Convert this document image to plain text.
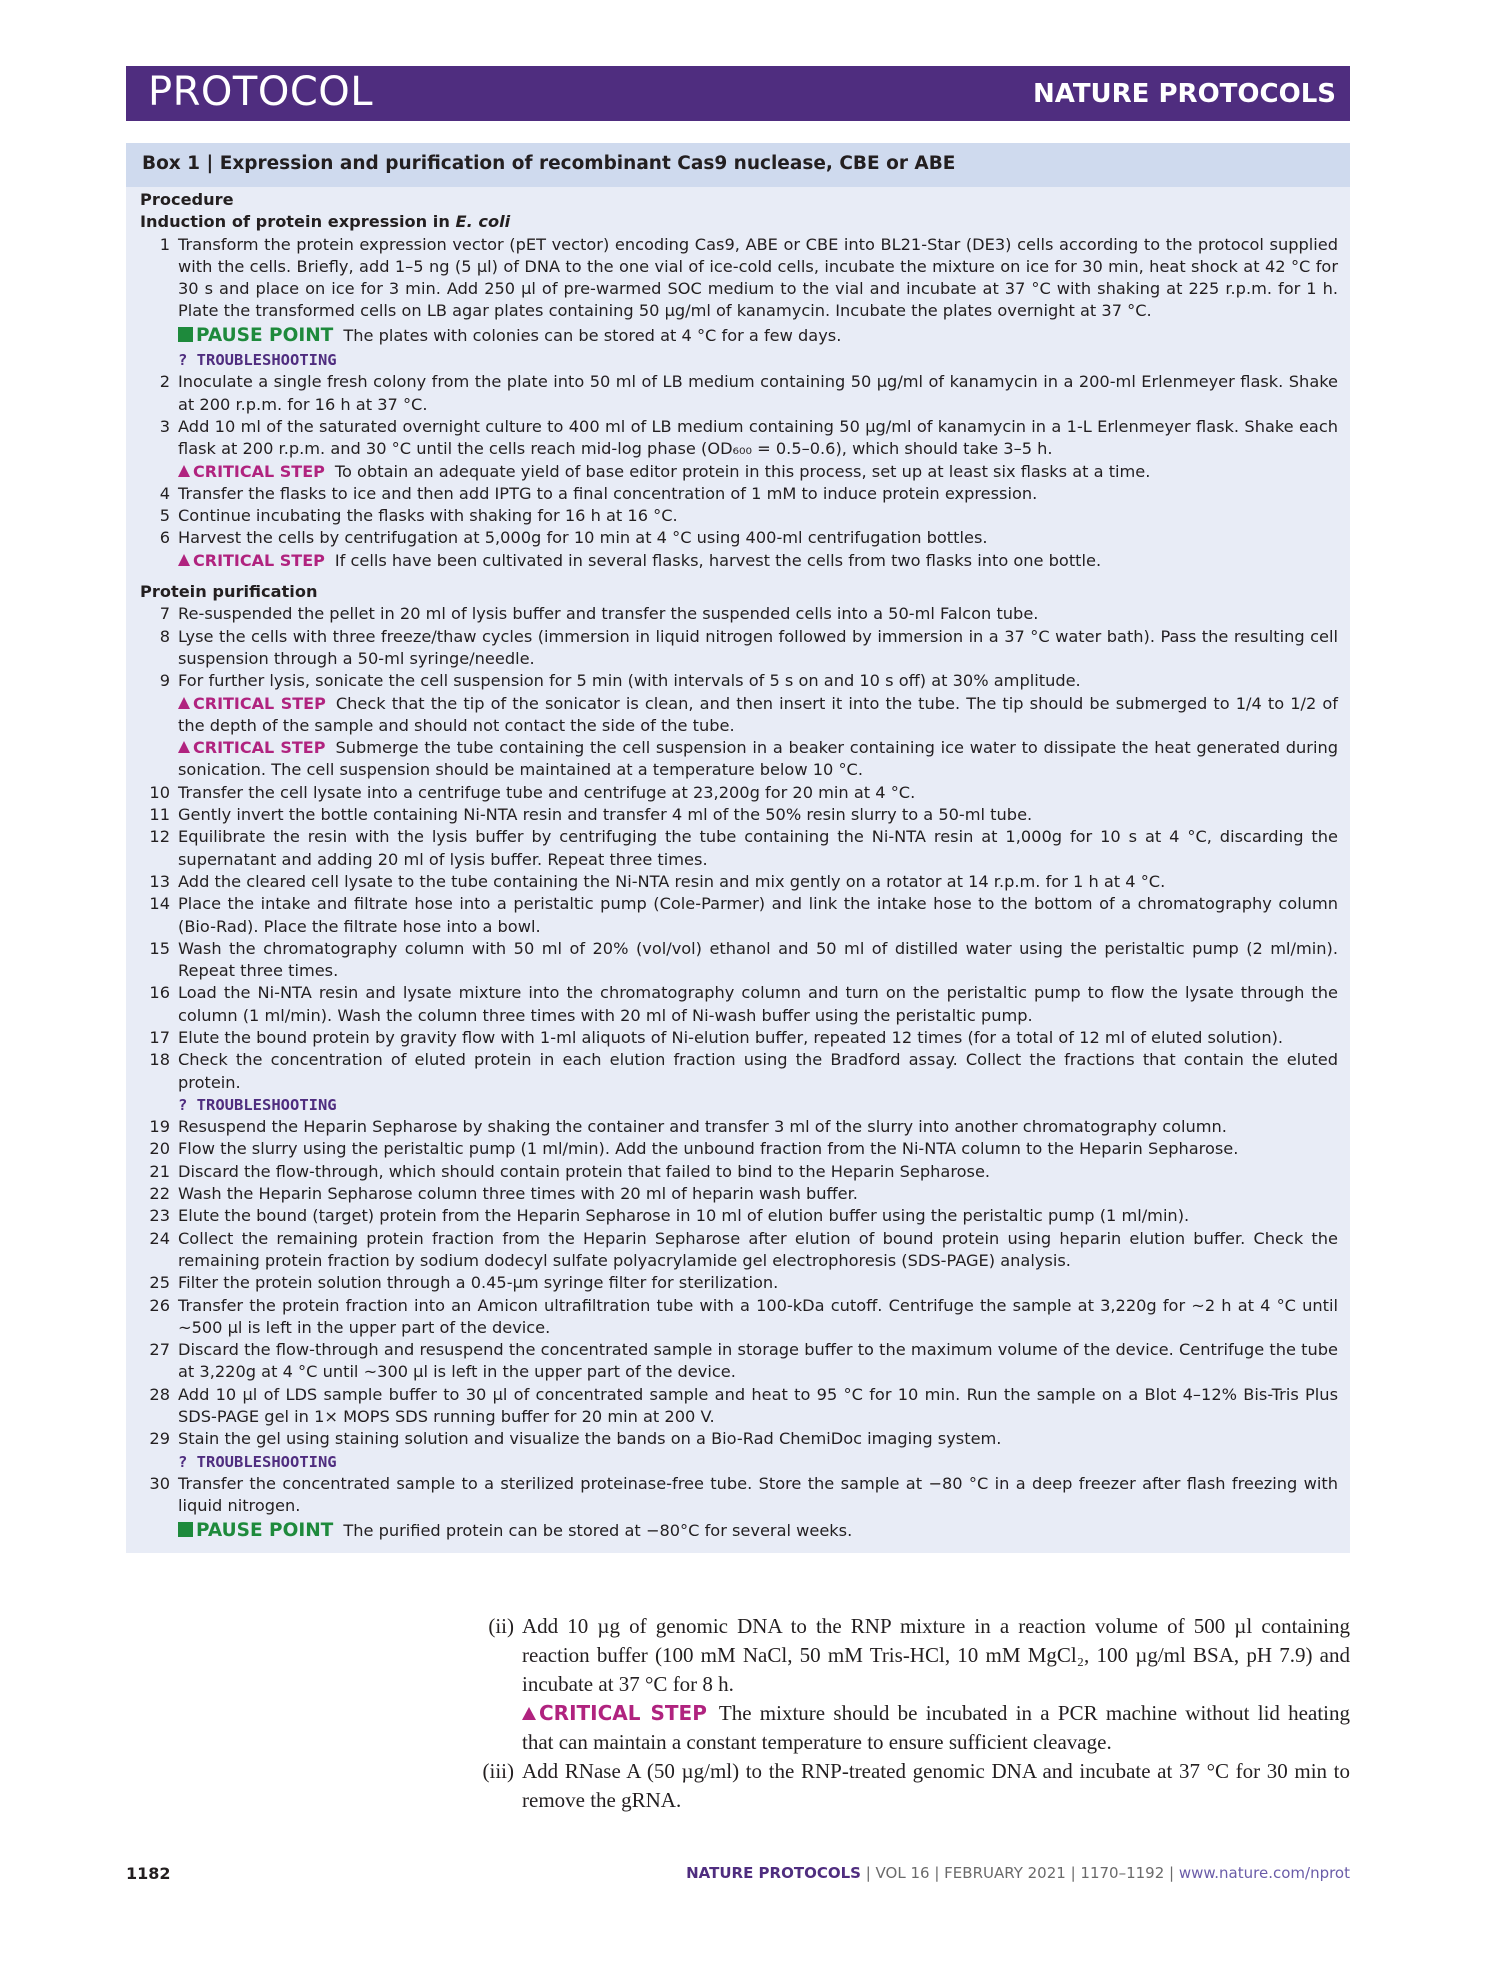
PROTOCOL	NATURE PROTOCOLS
Box 1 | Expression and purification of recombinant Cas9 nuclease, CBE or ABE
Procedure
Induction of protein expression in E. coli
1 Transform the protein expression vector (pET vector) encoding Cas9, ABE or CBE into BL21-Star (DE3) cells according to the protocol supplied with the cells. Briefly, add 1–5 ng (5 µl) of DNA to the one vial of ice-cold cells, incubate the mixture on ice for 30 min, heat shock at 42 °C for 30 s and place on ice for 3 min. Add 250 µl of pre-warmed SOC medium to the vial and incubate at 37 °C with shaking at 225 r.p.m. for 1 h. Plate the transformed cells on LB agar plates containing 50 µg/ml of kanamycin. Incubate the plates overnight at 37 °C.
PAUSE POINT The plates with colonies can be stored at 4 °C for a few days.
? TROUBLESHOOTING
2 Inoculate a single fresh colony from the plate into 50 ml of LB medium containing 50 µg/ml of kanamycin in a 200-ml Erlenmeyer flask. Shake at 200 r.p.m. for 16 h at 37 °C.
3 Add 10 ml of the saturated overnight culture to 400 ml of LB medium containing 50 µg/ml of kanamycin in a 1-L Erlenmeyer flask. Shake each flask at 200 r.p.m. and 30 °C until the cells reach mid-log phase (OD₆₀₀ = 0.5–0.6), which should take 3–5 h.
CRITICAL STEP To obtain an adequate yield of base editor protein in this process, set up at least six flasks at a time.
4 Transfer the flasks to ice and then add IPTG to a final concentration of 1 mM to induce protein expression.
5 Continue incubating the flasks with shaking for 16 h at 16 °C.
6 Harvest the cells by centrifugation at 5,000g for 10 min at 4 °C using 400-ml centrifugation bottles.
CRITICAL STEP If cells have been cultivated in several flasks, harvest the cells from two flasks into one bottle.
Protein purification
7 Re-suspended the pellet in 20 ml of lysis buffer and transfer the suspended cells into a 50-ml Falcon tube.
8 Lyse the cells with three freeze/thaw cycles (immersion in liquid nitrogen followed by immersion in a 37 °C water bath). Pass the resulting cell suspension through a 50-ml syringe/needle.
9 For further lysis, sonicate the cell suspension for 5 min (with intervals of 5 s on and 10 s off) at 30% amplitude.
CRITICAL STEP Check that the tip of the sonicator is clean, and then insert it into the tube. The tip should be submerged to 1/4 to 1/2 of the depth of the sample and should not contact the side of the tube.
CRITICAL STEP Submerge the tube containing the cell suspension in a beaker containing ice water to dissipate the heat generated during sonication. The cell suspension should be maintained at a temperature below 10 °C.
10 Transfer the cell lysate into a centrifuge tube and centrifuge at 23,200g for 20 min at 4 °C.
11 Gently invert the bottle containing Ni-NTA resin and transfer 4 ml of the 50% resin slurry to a 50-ml tube.
12 Equilibrate the resin with the lysis buffer by centrifuging the tube containing the Ni-NTA resin at 1,000g for 10 s at 4 °C, discarding the supernatant and adding 20 ml of lysis buffer. Repeat three times.
13 Add the cleared cell lysate to the tube containing the Ni-NTA resin and mix gently on a rotator at 14 r.p.m. for 1 h at 4 °C.
14 Place the intake and filtrate hose into a peristaltic pump (Cole-Parmer) and link the intake hose to the bottom of a chromatography column (Bio-Rad). Place the filtrate hose into a bowl.
15 Wash the chromatography column with 50 ml of 20% (vol/vol) ethanol and 50 ml of distilled water using the peristaltic pump (2 ml/min). Repeat three times.
16 Load the Ni-NTA resin and lysate mixture into the chromatography column and turn on the peristaltic pump to flow the lysate through the column (1 ml/min). Wash the column three times with 20 ml of Ni-wash buffer using the peristaltic pump.
17 Elute the bound protein by gravity flow with 1-ml aliquots of Ni-elution buffer, repeated 12 times (for a total of 12 ml of eluted solution).
18 Check the concentration of eluted protein in each elution fraction using the Bradford assay. Collect the fractions that contain the eluted protein.
? TROUBLESHOOTING
19 Resuspend the Heparin Sepharose by shaking the container and transfer 3 ml of the slurry into another chromatography column.
20 Flow the slurry using the peristaltic pump (1 ml/min). Add the unbound fraction from the Ni-NTA column to the Heparin Sepharose.
21 Discard the flow-through, which should contain protein that failed to bind to the Heparin Sepharose.
22 Wash the Heparin Sepharose column three times with 20 ml of heparin wash buffer.
23 Elute the bound (target) protein from the Heparin Sepharose in 10 ml of elution buffer using the peristaltic pump (1 ml/min).
24 Collect the remaining protein fraction from the Heparin Sepharose after elution of bound protein using heparin elution buffer. Check the remaining protein fraction by sodium dodecyl sulfate polyacrylamide gel electrophoresis (SDS-PAGE) analysis.
25 Filter the protein solution through a 0.45-µm syringe filter for sterilization.
26 Transfer the protein fraction into an Amicon ultrafiltration tube with a 100-kDa cutoff. Centrifuge the sample at 3,220g for ~2 h at 4 °C until ~500 µl is left in the upper part of the device.
27 Discard the flow-through and resuspend the concentrated sample in storage buffer to the maximum volume of the device. Centrifuge the tube at 3,220g at 4 °C until ~300 µl is left in the upper part of the device.
28 Add 10 µl of LDS sample buffer to 30 µl of concentrated sample and heat to 95 °C for 10 min. Run the sample on a Blot 4–12% Bis-Tris Plus SDS-PAGE gel in 1× MOPS SDS running buffer for 20 min at 200 V.
29 Stain the gel using staining solution and visualize the bands on a Bio-Rad ChemiDoc imaging system.
? TROUBLESHOOTING
30 Transfer the concentrated sample to a sterilized proteinase-free tube. Store the sample at −80 °C in a deep freezer after flash freezing with liquid nitrogen.
PAUSE POINT The purified protein can be stored at −80°C for several weeks.
(ii) Add 10 µg of genomic DNA to the RNP mixture in a reaction volume of 500 µl containing reaction buffer (100 mM NaCl, 50 mM Tris-HCl, 10 mM MgCl₂, 100 µg/ml BSA, pH 7.9) and incubate at 37 °C for 8 h.
CRITICAL STEP The mixture should be incubated in a PCR machine without lid heating that can maintain a constant temperature to ensure sufficient cleavage.
(iii) Add RNase A (50 µg/ml) to the RNP-treated genomic DNA and incubate at 37 °C for 30 min to remove the gRNA.
1182	NATURE PROTOCOLS | VOL 16 | FEBRUARY 2021 | 1170–1192 | www.nature.com/nprot
